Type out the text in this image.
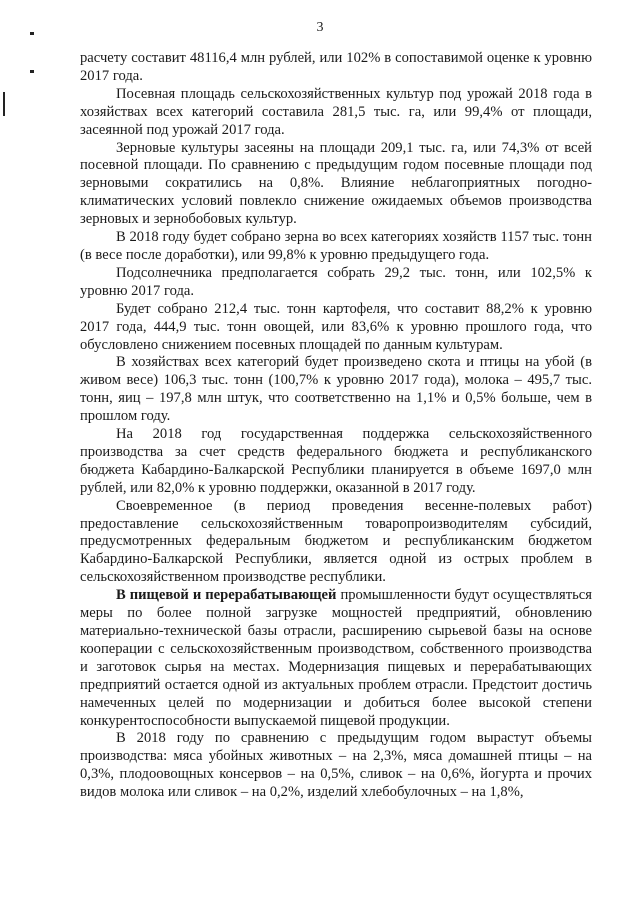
3

расчету составит 48116,4 млн рублей, или 102% в сопоставимой оценке к уровню 2017 года.

Посевная площадь сельскохозяйственных культур под урожай 2018 года в хозяйствах всех категорий составила 281,5 тыс. га, или 99,4% от площади, засеянной под урожай 2017 года.

Зерновые культуры засеяны на площади 209,1 тыс. га, или 74,3% от всей посевной площади. По сравнению с предыдущим годом посевные площади под зерновыми сократились на 0,8%. Влияние неблагоприятных погодно-климатических условий повлекло снижение ожидаемых объемов производства зерновых и зернобобовых культур.

В 2018 году будет собрано зерна во всех категориях хозяйств 1157 тыс. тонн (в весе после доработки), или 99,8% к уровню предыдущего года.

Подсолнечника предполагается собрать 29,2 тыс. тонн, или 102,5% к уровню 2017 года.

Будет собрано 212,4 тыс. тонн картофеля, что составит 88,2% к уровню 2017 года, 444,9 тыс. тонн овощей, или 83,6% к уровню прошлого года, что обусловлено снижением посевных площадей по данным культурам.

В хозяйствах всех категорий будет произведено скота и птицы на убой (в живом весе) 106,3 тыс. тонн (100,7% к уровню 2017 года), молока – 495,7 тыс. тонн, яиц – 197,8 млн штук, что соответственно на 1,1% и 0,5% больше, чем в прошлом году.

На 2018 год государственная поддержка сельскохозяйственного производства за счет средств федерального бюджета и республиканского бюджета Кабардино-Балкарской Республики планируется в объеме 1697,0 млн рублей, или 82,0% к уровню поддержки, оказанной в 2017 году.

Своевременное (в период проведения весенне-полевых работ) предоставление сельскохозяйственным товаропроизводителям субсидий, предусмотренных федеральным бюджетом и республиканским бюджетом Кабардино-Балкарской Республики, является одной из острых проблем в сельскохозяйственном производстве республики.

В пищевой и перерабатывающей промышленности будут осуществляться меры по более полной загрузке мощностей предприятий, обновлению материально-технической базы отрасли, расширению сырьевой базы на основе кооперации с сельскохозяйственным производством, собственного производства и заготовок сырья на местах. Модернизация пищевых и перерабатывающих предприятий остается одной из актуальных проблем отрасли. Предстоит достичь намеченных целей по модернизации и добиться более высокой степени конкурентоспособности выпускаемой пищевой продукции.

В 2018 году по сравнению с предыдущим годом вырастут объемы производства: мяса убойных животных – на 2,3%, мяса домашней птицы – на 0,3%, плодоовощных консервов – на 0,5%, сливок – на 0,6%, йогурта и прочих видов молока или сливок – на 0,2%, изделий хлебобулочных – на 1,8%,
